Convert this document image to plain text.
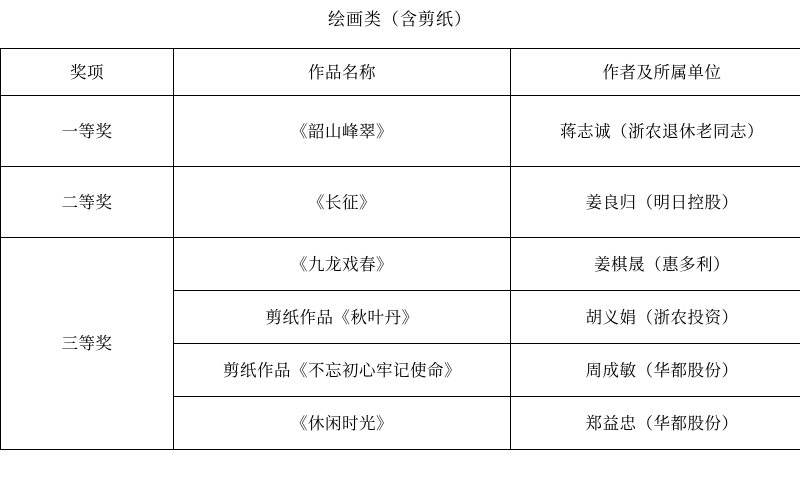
绘画类（含剪纸）
奖项	作品名称	作者及所属单位
一等奖	《韶山峰翠》	蒋志诚（浙农退休老同志）
二等奖	《长征》	姜良归（明日控股）
三等奖	《九龙戏春》	姜棋晟（惠多利）
	剪纸作品《秋叶丹》	胡义娟（浙农投资）
	剪纸作品《不忘初心牢记使命》	周成敏（华都股份）
	《休闲时光》	郑益忠（华都股份）
